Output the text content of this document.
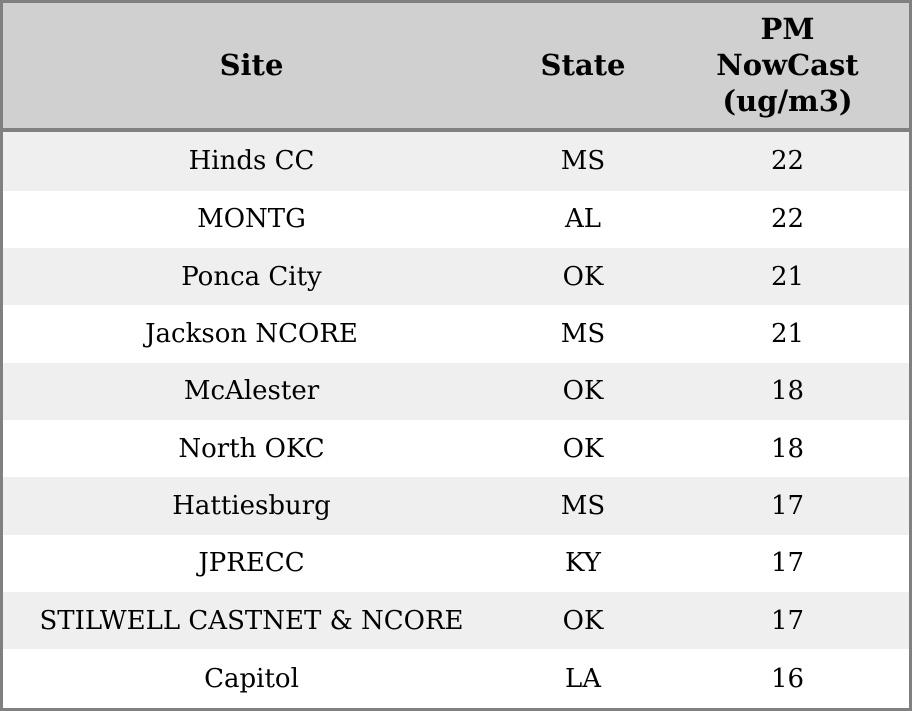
Site	State	PM NowCast (ug/m3)
Hinds CC	MS	22
MONTG	AL	22
Ponca City	OK	21
Jackson NCORE	MS	21
McAlester	OK	18
North OKC	OK	18
Hattiesburg	MS	17
JPRECC	KY	17
STILWELL CASTNET & NCORE	OK	17
Capitol	LA	16
